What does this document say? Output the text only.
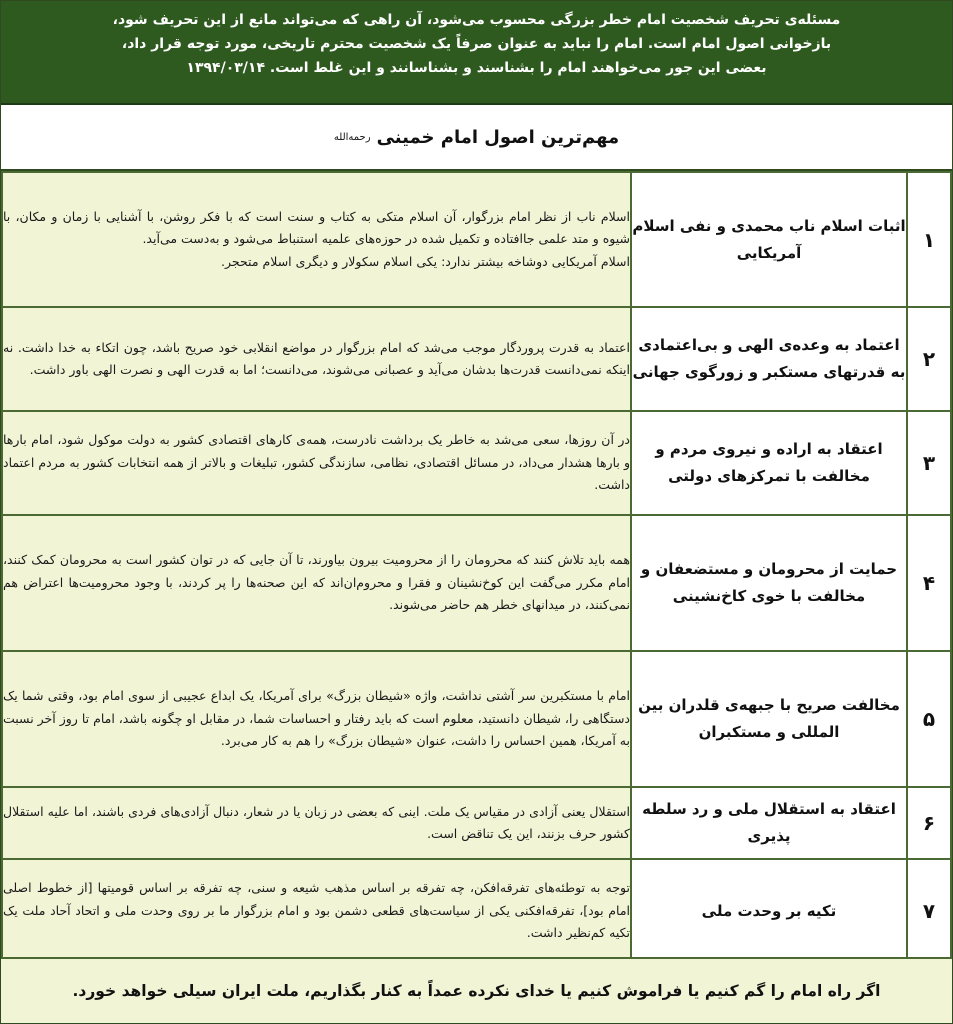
مسئله‌ی تحریف شخصیت امام خطر بزرگی محسوب می‌شود، آن راهی که می‌تواند مانع از این تحریف شود،

بازخوانی اصول امام است. امام را نباید به عنوان صرفاً یک شخصیت محترم تاریخی، مورد توجه قرار داد،

بعضی این جور می‌خواهند امام را بشناسند و بشناسانند و این غلط است. ۱۳۹۴/۰۳/۱۴

مهم‌ترین اصول امام خمینی
رحمه‌الله
۱	اثبات اسلام ناب محمدی و نفی اسلام آمریکایی	اسلام ناب از نظر امام بزرگوار، آن اسلام متکی به کتاب و سنت است که با فکر روشن، با آشنایی با زمان و مکان، با شیوه و متد علمی جاافتاده و تکمیل شده در حوزه‌های علمیه استنباط می‌شود و به‌دست می‌آید.

اسلام آمریکایی دوشاخه بیشتر ندارد: یکی اسلام سکولار و دیگری اسلام متحجر.

۲	اعتماد به وعده‌ی الهی و بی‌اعتمادی به قدرتهای مستکبر و زورگوی جهانی	اعتماد به قدرت پروردگار موجب می‌شد که امام بزرگوار در مواضع انقلابی خود صریح باشد، چون اتکاء به خدا داشت. نه اینکه نمی‌دانست قدرت‌ها بدشان می‌آید و عصبانی می‌شوند، می‌دانست؛ اما به قدرت الهی و نصرت الهی باور داشت.

۳	اعتقاد به اراده و نیروی مردم و مخالفت با تمرکزهای دولتی	در آن روزها، سعی می‌شد به خاطر یک برداشت نادرست، همه‌ی کارهای اقتصادی کشور به دولت موکول شود، امام بارها و بارها هشدار می‌داد، در مسائل اقتصادی، نظامی، سازندگی کشور، تبلیغات و بالاتر از همه انتخابات کشور به مردم اعتماد داشت.

۴	حمایت از محرومان و مستضعفان و مخالفت با خوی کاخ‌نشینی	همه باید تلاش کنند که محرومان را از محرومیت بیرون بیاورند، تا آن جایی که در توان کشور است به محرومان کمک کنند، امام مکرر می‌گفت این کوخ‌نشینان و فقرا و محروم‌ان‌اند که این صحنه‌ها را پر کردند، با وجود محرومیت‌ها اعتراض هم نمی‌کنند، در میدانهای خطر هم حاضر می‌شوند.

۵	مخالفت صریح با جبهه‌ی قلدران بین المللی و مستکبران	امام با مستکبرین سر آشتی نداشت، واژه «شیطان بزرگ» برای آمریکا، یک ابداع عجیبی از سوی امام بود، وقتی شما یک دستگاهی را، شیطان دانستید، معلوم است که باید رفتار و احساسات شما، در مقابل او چگونه باشد، امام تا روز آخر نسبت به آمریکا، همین احساس را داشت، عنوان «شیطان بزرگ» را هم به کار می‌برد.

۶	اعتقاد به استقلال ملی و رد سلطه پذیری	استقلال یعنی آزادی در مقیاس یک ملت. اینی که بعضی در زبان یا در شعار، دنبال آزادی‌های فردی باشند، اما علیه استقلال کشور حرف بزنند، این یک تناقض است.

۷	تکیه بر وحدت ملی	توجه به توطئه‌های تفرقه‌افکن، چه تفرقه بر اساس مذهب شیعه و سنی، چه تفرقه بر اساس قومیتها [از خطوط اصلی امام بود]، تفرقه‌افکنی یکی از سیاست‌های قطعی دشمن بود و امام بزرگوار ما بر روی وحدت ملی و اتحاد آحاد ملت یک تکیه کم‌نظیر داشت.

اگر راه امام را گم کنیم یا فراموش کنیم یا خدای نکرده عمداً به کنار بگذاریم، ملت ایران سیلی خواهد خورد.
